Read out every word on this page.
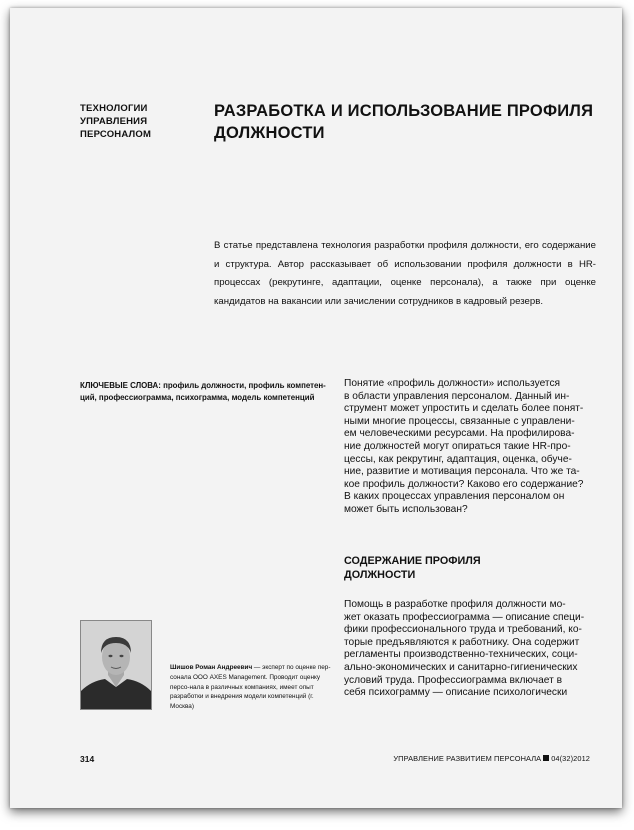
ТЕХНОЛОГИИ
УПРАВЛЕНИЯ
ПЕРСОНАЛОМ
РАЗРАБОТКА И ИСПОЛЬЗОВАНИЕ ПРОФИЛЯ
ДОЛЖНОСТИ
В статье представлена технология разработки профиля должности, его содержание и структура. Автор рассказывает об использовании профиля должности в HR-процессах (рекрутинге, адаптации, оценке персонала), а также при оценке кандидатов на вакансии или зачислении сотрудников в кадровый резерв.
КЛЮЧЕВЫЕ СЛОВА: профиль должности, профиль компетен-
ций, профессиограмма, психограмма, модель компетенций
Понятие «профиль должности» используется
в области управления персоналом. Данный ин-
струмент может упростить и сделать более понят-
ными многие процессы, связанные с управлени-
ем человеческими ресурсами. На профилирова-
ние должностей могут опираться такие HR-про-
цессы, как рекрутинг, адаптация, оценка, обуче-
ние, развитие и мотивация персонала. Что же та-
кое профиль должности? Каково его содержание?
В каких процессах управления персоналом он
может быть использован?
СОДЕРЖАНИЕ ПРОФИЛЯ
ДОЛЖНОСТИ
Помощь в разработке профиля должности мо-
жет оказать профессиограмма — описание специ-
фики профессионального труда и требований, ко-
торые предъявляются к работнику. Она содержит
регламенты производственно-технических, соци-
ально-экономических и санитарно-гигиенических
условий труда. Профессиограмма включает в
себя психограмму — описание психологически
Шишов Роман Андреевич — эксперт по оценке пер-сонала ООО AXES Management. Проводит оценку персо-нала в различных компаниях, имеет опыт разработки и внедрения модели компетенций (г. Москва)
314	УПРАВЛЕНИЕ РАЗВИТИЕМ ПЕРСОНАЛА 04(32)2012
